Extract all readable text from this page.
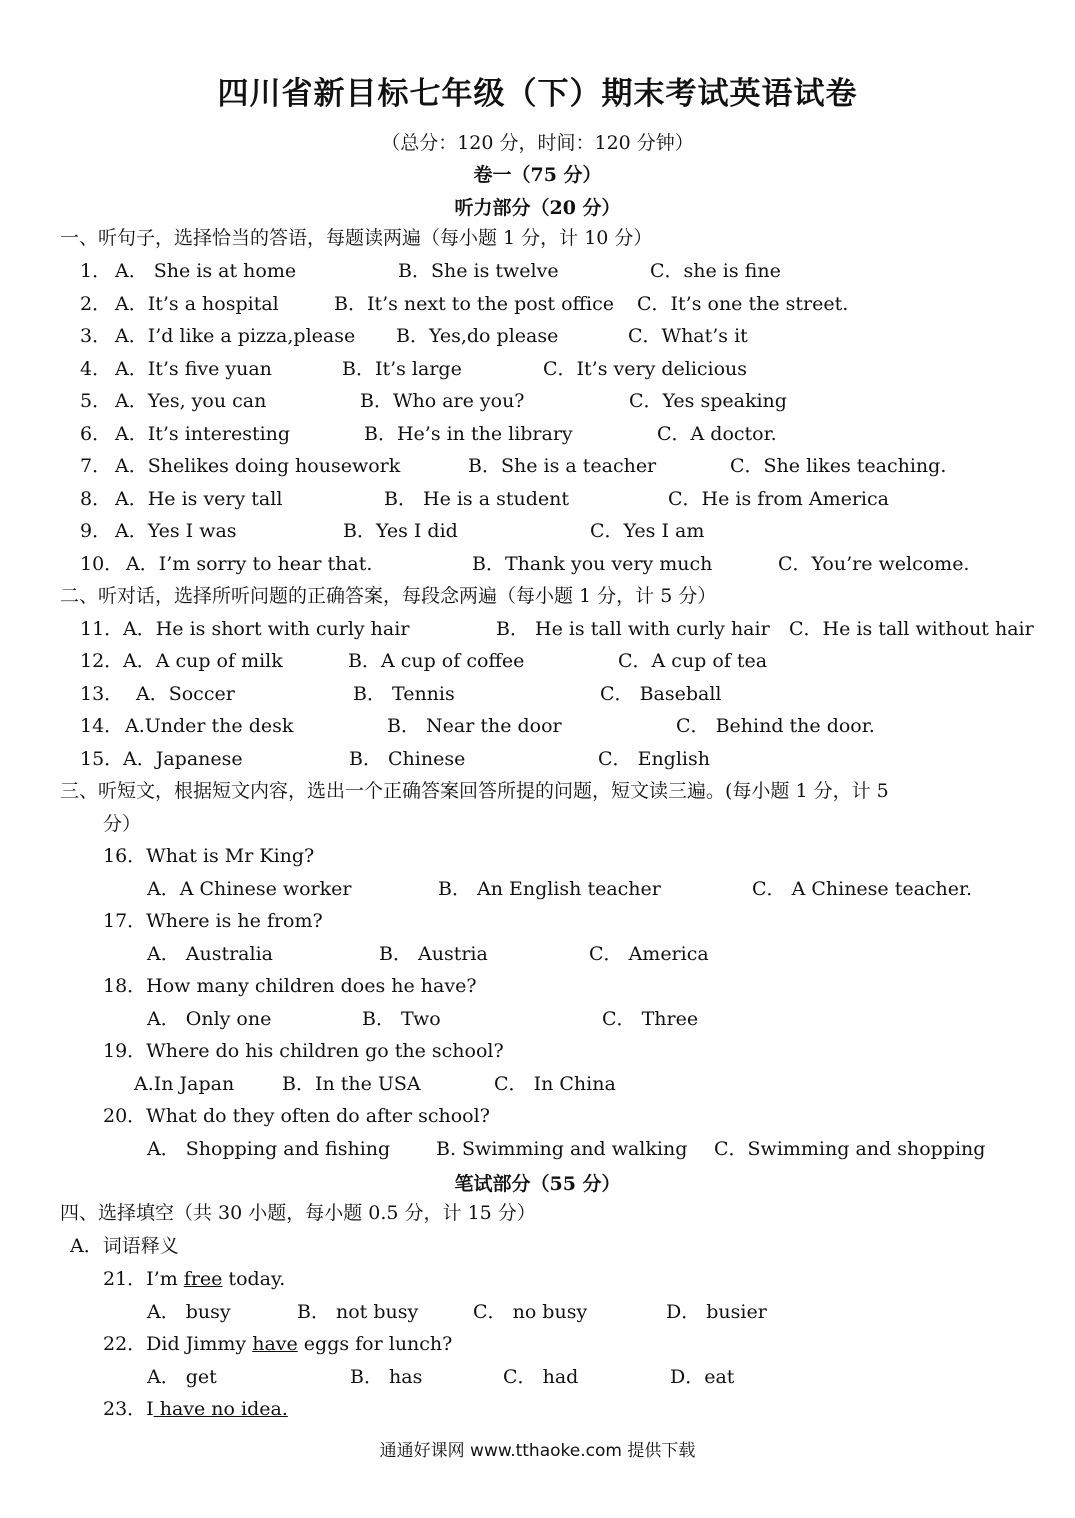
四川省新目标七年级（下）期末考试英语试卷
（总分：120 分，时间：120 分钟）
卷一（75 分）
听力部分（20 分）
一、听句子，选择恰当的答语，每题读两遍（每小题 1 分，计 10 分）
1． A． She is at home	B．She is twelve	C．she is fine
2． A．It’s a hospital	B．It’s next to the post office C．It’s one the street.
3． A．I’d like a pizza,please B．Yes,do please	C．What’s it
4． A．It’s five yuan	B．It’s large	C．It’s very delicious
5． A．Yes, you can	B．Who are you?	C．Yes speaking
6． A．It’s interesting	B．He’s in the library	C．A doctor.
7． A．Shelikes doing housework	B．She is a teacher	C．She likes teaching.
8． A．He is very tall	B． He is a student	C．He is from America
9． A．Yes I was	B．Yes I did	C．Yes I am
10． A．I’m sorry to hear that.	B．Thank you very much	C．You’re welcome.
二、听对话，选择所听问题的正确答案，每段念两遍（每小题 1 分，计 5 分）
11． A．He is short with curly hair	B． He is tall with curly hair C．He is tall without hair
12． A．A cup of milk	B．A cup of coffee	C．A cup of tea
13． A．Soccer	B． Tennis	C． Baseball
14． A.Under the desk	B． Near the door	C． Behind the door.
15． A．Japanese	B． Chinese	C． English
三、听短文，根据短文内容，选出一个正确答案回答所提的问题，短文读三遍。(每小题 1 分，计 5
分）
16．What is Mr King?
A．A Chinese worker	B． An English teacher	C． A Chinese teacher.
17．Where is he from?
A． Australia	B． Austria	C． America
18．How many children does he have?
A． Only one	B． Two	C． Three
19．Where do his children go the school?
A.In Japan	B．In the USA	C． In China
20．What do they often do after school?
A． Shopping and fishing B. Swimming and walking C．Swimming and shopping
笔试部分（55 分）
四、选择填空（共 30 小题，每小题 0.5 分，计 15 分）
A．词语释义
21．I’m free today.
A． busy	B． not busy	C． no busy	D． busier
22．Did Jimmy have eggs for lunch?
A． get	B． has	C． had	D．eat
23．I have no idea.
通通好课网 www.tthaoke.com 提供下载
